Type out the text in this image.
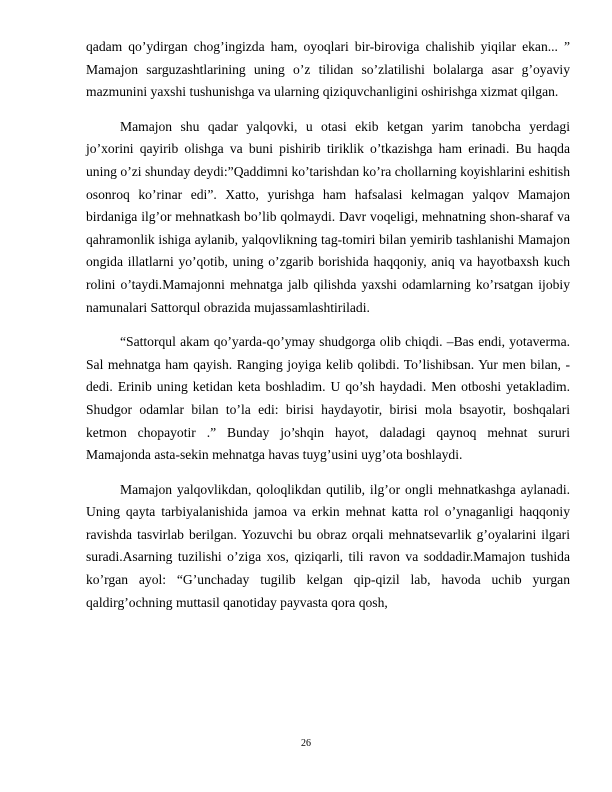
qadam qo’ydirgan chog’ingizda ham, oyoqlari bir-biroviga chalishib yiqilar ekan... ” Mamajon sarguzashtlarining uning o’z tilidan so’zlatilishi bolalarga asar g’oyaviy mazmunini yaxshi tushunishga va ularning qiziquvchanligini oshirishga xizmat qilgan.

Mamajon shu qadar yalqovki, u otasi ekib ketgan yarim tanobcha yerdagi jo’xorini qayirib olishga va buni pishirib tiriklik o’tkazishga ham erinadi. Bu haqda uning o’zi shunday deydi:”Qaddimni ko’tarishdan ko’ra chollarning koyishlarini eshitish osonroq ko’rinar edi”. Xatto, yurishga ham hafsalasi kelmagan yalqov Mamajon birdaniga ilg’or mehnatkash bo’lib qolmaydi. Davr voqeligi, mehnatning shon-sharaf va qahramonlik ishiga aylanib, yalqovlikning tag-tomiri bilan yemirib tashlanishi Mamajon ongida illatlarni yo’qotib, uning o’zgarib borishida haqqoniy, aniq va hayotbaxsh kuch rolini o’taydi.Mamajonni mehnatga jalb qilishda yaxshi odamlarning ko’rsatgan ijobiy namunalari Sattorqul obrazida mujassamlashtiriladi.

“Sattorqul akam qo’yarda-qo’ymay shudgorga olib chiqdi. –Bas endi, yotaverma. Sal mehnatga ham qayish. Ranging joyiga kelib qolibdi. To’lishibsan. Yur men bilan, - dedi. Erinib uning ketidan keta boshladim. U qo’sh haydadi. Men otboshi yetakladim. Shudgor odamlar bilan to’la edi: birisi haydayotir, birisi mola bsayotir, boshqalari ketmon chopayotir .” Bunday jo’shqin hayot, daladagi qaynoq mehnat sururi Mamajonda asta-sekin mehnatga havas tuyg’usini uyg’ota boshlaydi.

Mamajon yalqovlikdan, qoloqlikdan qutilib, ilg’or ongli mehnatkashga aylanadi. Uning qayta tarbiyalanishida jamoa va erkin mehnat katta rol o’ynaganligi haqqoniy ravishda tasvirlab berilgan. Yozuvchi bu obraz orqali mehnatsevarlik g’oyalarini ilgari suradi.Asarning tuzilishi o’ziga xos, qiziqarli, tili ravon va soddadir.Mamajon tushida ko’rgan ayol: “G’unchaday tugilib kelgan qip-qizil lab, havoda uchib yurgan qaldirg’ochning muttasil qanotiday payvasta qora qosh,

26
